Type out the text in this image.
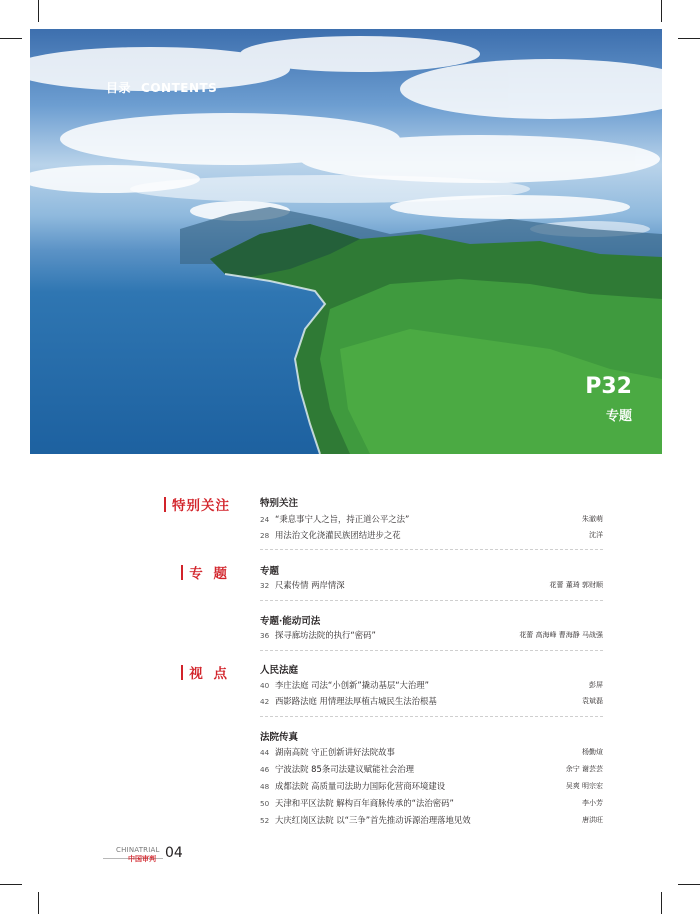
目录 CONTENTS
P32
专题
特别关注
专 题
视 点
特别关注
24 “秉息事宁人之旨，持正道公平之法”	朱澈萌
28 用法治文化浇灌民族团结进步之花	沈洋
专题
32 尺素传情 两岸情深	花蕾 董琦 郭财顺
专题·能动司法
36 探寻廊坊法院的执行“密码”	花蕾 高海峰 曹海静 马战强
人民法庭
40 李庄法庭 司法“小创新”撬动基层“大治理”	彭屏
42 西影路法庭 用情理法厚植古城民生法治根基	袁斌磊
法院传真
44 湖南高院 守正创新讲好法院故事	杨勤煊
46 宁波法院 85条司法建议赋能社会治理	余宁 谢芸芸
48 成都法院 高质量司法助力国际化营商环境建设	吴爽 明宗宏
50 天津和平区法院 解构百年商脉传承的“法治密码”	李小芳
52 大庆红岗区法院 以“三争”首先推动诉源治理落地见效	唐洪旺
CHINATRIAL
中国审判 04
